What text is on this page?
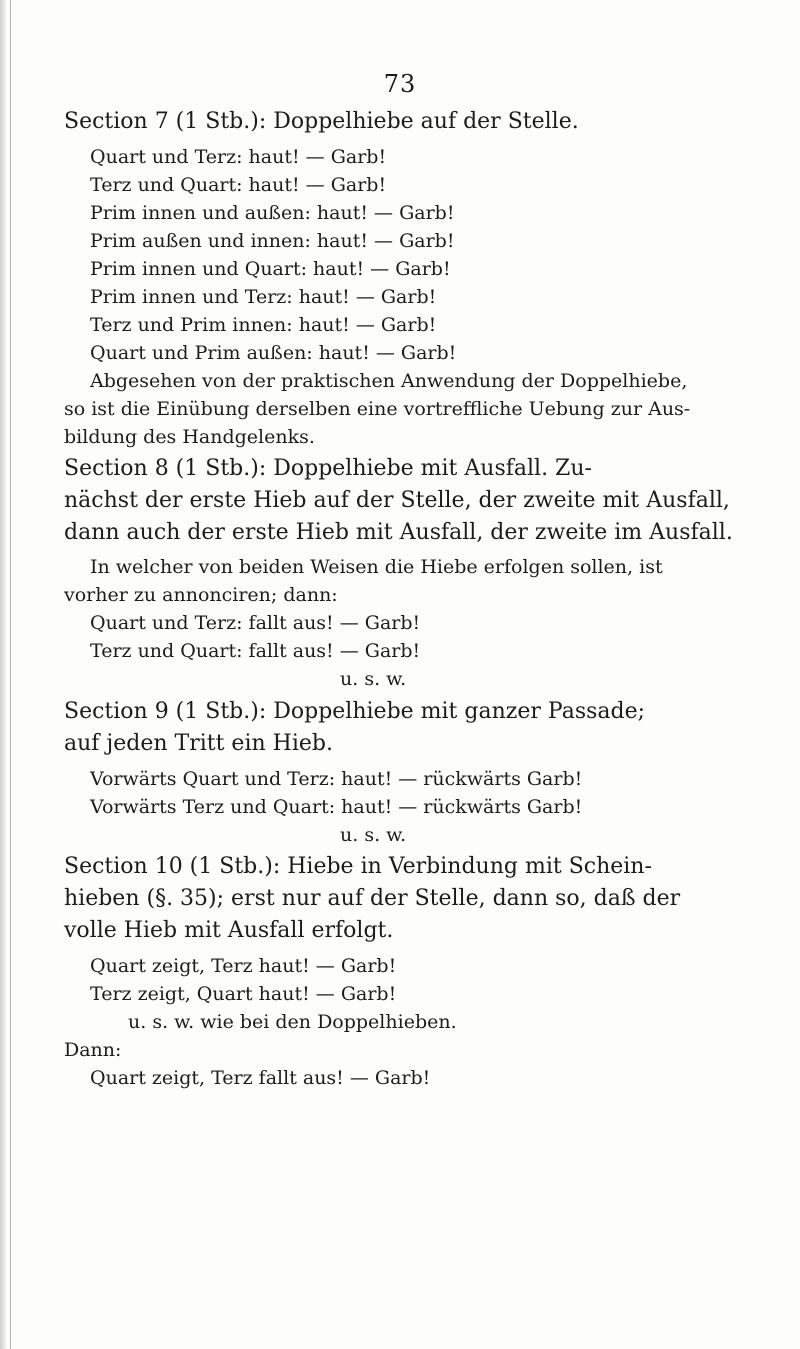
73
Section 7 (1 Stb.): Doppelhiebe auf der Stelle.
Quart und Terz: haut! — Garb!
Terz und Quart: haut! — Garb!
Prim innen und außen: haut! — Garb!
Prim außen und innen: haut! — Garb!
Prim innen und Quart: haut! — Garb!
Prim innen und Terz: haut! — Garb!
Terz und Prim innen: haut! — Garb!
Quart und Prim außen: haut! — Garb!
Abgesehen von der praktischen Anwendung der Doppelhiebe,
so ist die Einübung derselben eine vortreffliche Uebung zur Aus-
bildung des Handgelenks.
Section 8 (1 Stb.): Doppelhiebe mit Ausfall. Zu-
nächst der erste Hieb auf der Stelle, der zweite mit Ausfall,
dann auch der erste Hieb mit Ausfall, der zweite im Ausfall.
In welcher von beiden Weisen die Hiebe erfolgen sollen, ist
vorher zu annonciren; dann:
Quart und Terz: fallt aus! — Garb!
Terz und Quart: fallt aus! — Garb!
u. s. w.
Section 9 (1 Stb.): Doppelhiebe mit ganzer Passade;
auf jeden Tritt ein Hieb.
Vorwärts Quart und Terz: haut! — rückwärts Garb!
Vorwärts Terz und Quart: haut! — rückwärts Garb!
u. s. w.
Section 10 (1 Stb.): Hiebe in Verbindung mit Schein-
hieben (§. 35); erst nur auf der Stelle, dann so, daß der
volle Hieb mit Ausfall erfolgt.
Quart zeigt, Terz haut! — Garb!
Terz zeigt, Quart haut! — Garb!
u. s. w. wie bei den Doppelhieben.
Dann:
Quart zeigt, Terz fallt aus! — Garb!
